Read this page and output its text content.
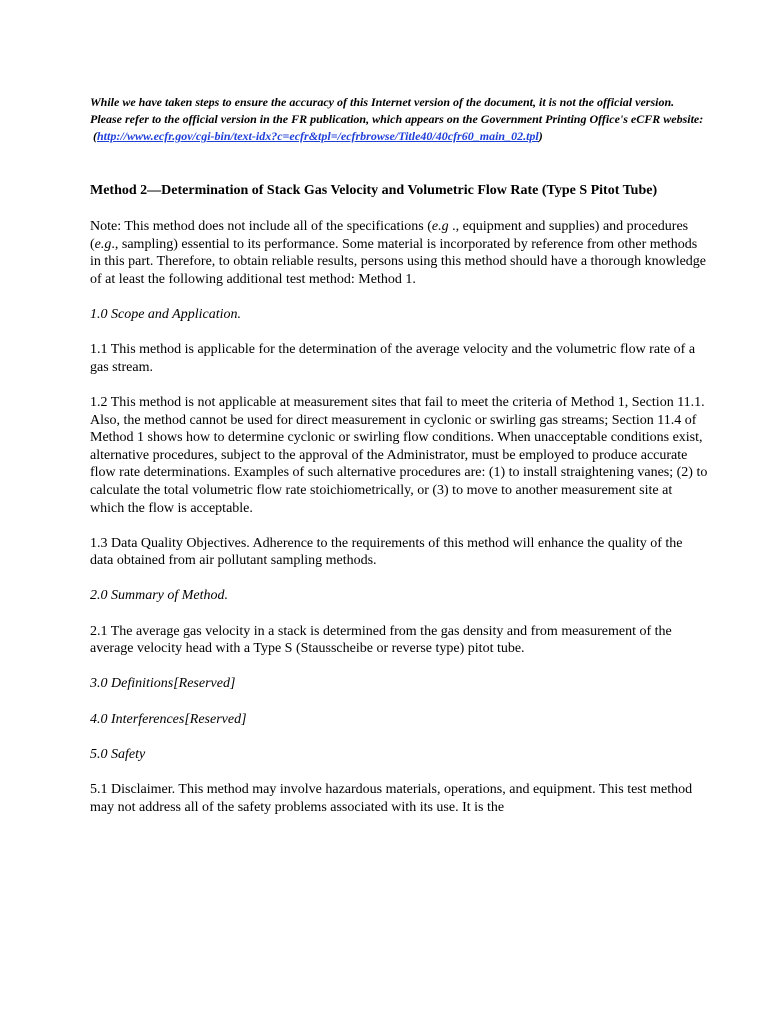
While we have taken steps to ensure the accuracy of this Internet version of the document, it is not the official version. Please refer to the official version in the FR publication, which appears on the Government Printing Office's eCFR website:
(http://www.ecfr.gov/cgi-bin/text-idx?c=ecfr&tpl=/ecfrbrowse/Title40/40cfr60_main_02.tpl)
Method 2—Determination of Stack Gas Velocity and Volumetric Flow Rate (Type S Pitot Tube)

Note: This method does not include all of the specifications (e.g ., equipment and supplies) and procedures (e.g., sampling) essential to its performance. Some material is incorporated by reference from other methods in this part. Therefore, to obtain reliable results, persons using this method should have a thorough knowledge of at least the following additional test method: Method 1.

1.0 Scope and Application.

1.1 This method is applicable for the determination of the average velocity and the volumetric flow rate of a gas stream.

1.2 This method is not applicable at measurement sites that fail to meet the criteria of Method 1, Section 11.1. Also, the method cannot be used for direct measurement in cyclonic or swirling gas streams; Section 11.4 of Method 1 shows how to determine cyclonic or swirling flow conditions. When unacceptable conditions exist, alternative procedures, subject to the approval of the Administrator, must be employed to produce accurate flow rate determinations. Examples of such alternative procedures are: (1) to install straightening vanes; (2) to calculate the total volumetric flow rate stoichiometrically, or (3) to move to another measurement site at which the flow is acceptable.

1.3 Data Quality Objectives. Adherence to the requirements of this method will enhance the quality of the data obtained from air pollutant sampling methods.

2.0 Summary of Method.

2.1 The average gas velocity in a stack is determined from the gas density and from measurement of the average velocity head with a Type S (Stausscheibe or reverse type) pitot tube.

3.0 Definitions[Reserved]

4.0 Interferences[Reserved]

5.0 Safety

5.1 Disclaimer. This method may involve hazardous materials, operations, and equipment. This test method may not address all of the safety problems associated with its use. It is the
